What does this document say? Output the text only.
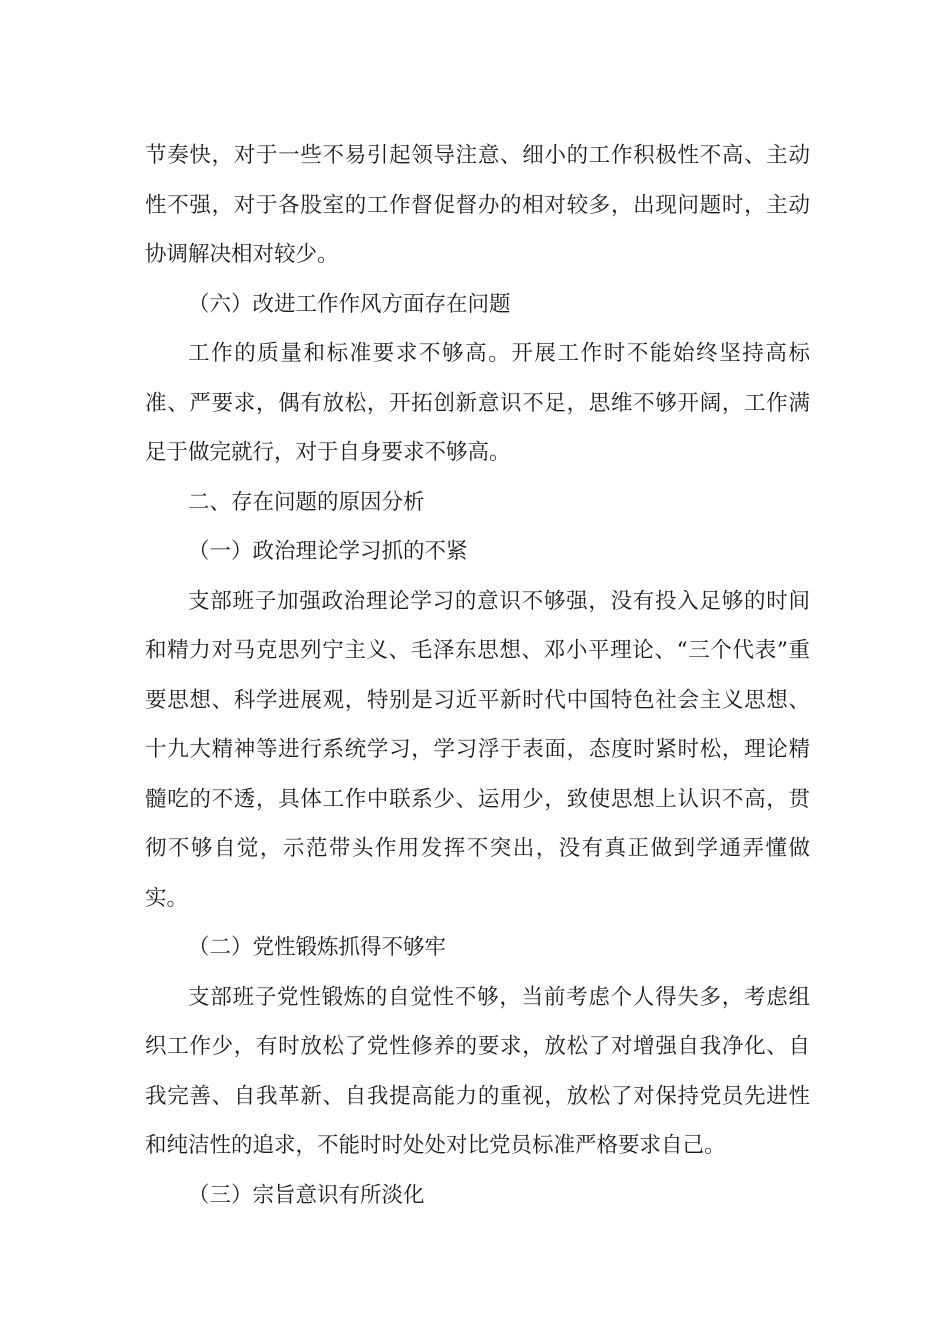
节奏快，对于一些不易引起领导注意、细小的工作积极性不高、主动性不强，对于各股室的工作督促督办的相对较多，出现问题时，主动协调解决相对较少。

（六）改进工作作风方面存在问题

工作的质量和标准要求不够高。开展工作时不能始终坚持高标准、严要求，偶有放松，开拓创新意识不足，思维不够开阔，工作满足于做完就行，对于自身要求不够高。

二、存在问题的原因分析

（一）政治理论学习抓的不紧

支部班子加强政治理论学习的意识不够强，没有投入足够的时间和精力对马克思列宁主义、毛泽东思想、邓小平理论、“三个代表”重要思想、科学进展观，特别是习近平新时代中国特色社会主义思想、十九大精神等进行系统学习，学习浮于表面，态度时紧时松，理论精髓吃的不透，具体工作中联系少、运用少，致使思想上认识不高，贯彻不够自觉，示范带头作用发挥不突出，没有真正做到学通弄懂做实。

（二）党性锻炼抓得不够牢

支部班子党性锻炼的自觉性不够，当前考虑个人得失多，考虑组织工作少，有时放松了党性修养的要求，放松了对增强自我净化、自我完善、自我革新、自我提高能力的重视，放松了对保持党员先进性和纯洁性的追求，不能时时处处对比党员标准严格要求自己。

（三）宗旨意识有所淡化
